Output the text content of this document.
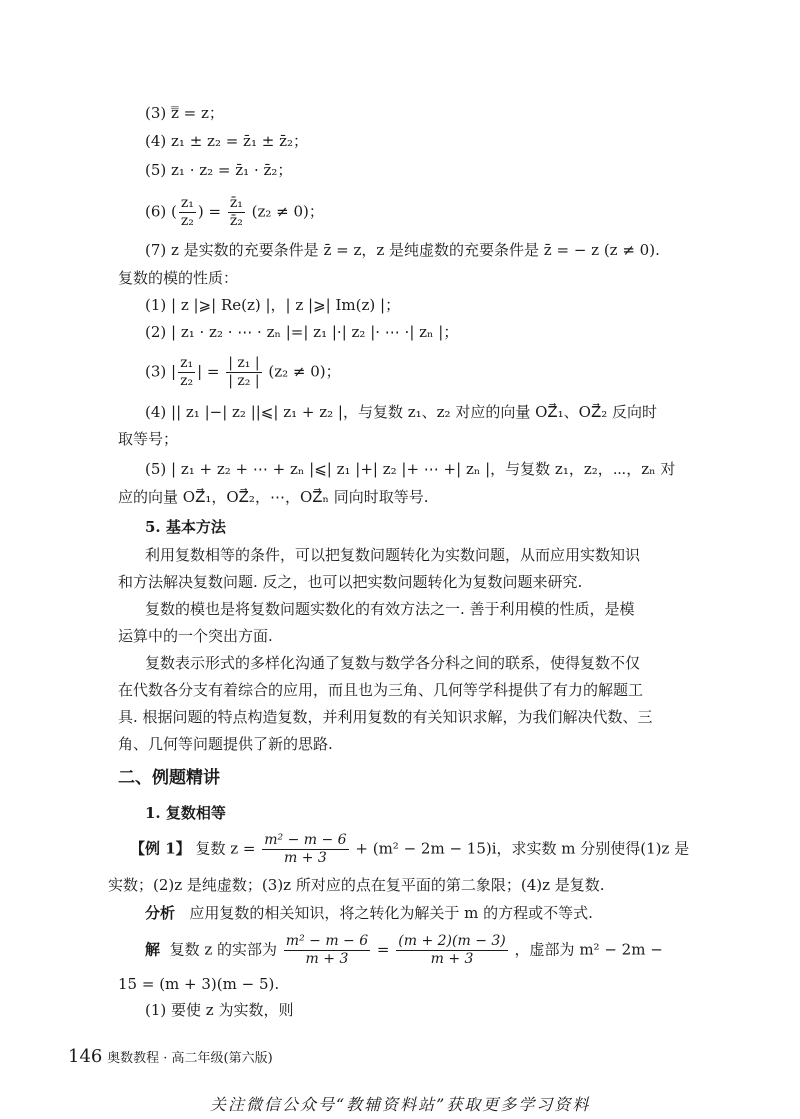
(3) z̿ = z；
(4) z₁ ± z₂ = z̄₁ ± z̄₂；
(5) z₁ · z₂ = z̄₁ · z̄₂；
(6) ( $\frac{\text{z₁}}{\text{z₂}}$ ) = $\frac{\text{z̄₁}}{\text{z̄₂}} (z_2 \ne 0)$；
(7) z 是实数的充要条件是 z̄ = z，z 是纯虚数的充要条件是 z̄ = − z (z ≠ 0).
复数的模的性质：
(1) | z |⩾| Re(z) |，| z |⩾| Im(z) |；
(2) | z₁ · z₂ · ⋯ · zₙ |=| z₁ |·| z₂ |· ⋯ ·| zₙ |；
(3) | $\frac{\text{z₁}}{\text{z₂}}$ | = $\frac{\text{| z₁ |}}{\text{| z₂ |}} (z_2 \ne 0)$；
(4) || z₁ |−| z₂ ||⩽| z₁ + z₂ |，与复数 z₁、z₂ 对应的向量 OZ⃗₁、OZ⃗₂ 反向时
取等号；
(5) | z₁ + z₂ + ⋯ + zₙ |⩽| z₁ |+| z₂ |+ ⋯ +| zₙ |，与复数 z₁，z₂，⋯，zₙ 对
应的向量 OZ⃗₁，OZ⃗₂，⋯，OZ⃗ₙ 同向时取等号.
5. 基本方法
利用复数相等的条件，可以把复数问题转化为实数问题，从而应用实数知识
和方法解决复数问题. 反之，也可以把实数问题转化为复数问题来研究.
复数的模也是将复数问题实数化的有效方法之一. 善于利用模的性质，是模
运算中的一个突出方面.
复数表示形式的多样化沟通了复数与数学各分科之间的联系，使得复数不仅
在代数各分支有着综合的应用，而且也为三角、几何等学科提供了有力的解题工
具. 根据问题的特点构造复数，并利用复数的有关知识求解，为我们解决代数、三
角、几何等问题提供了新的思路.
二、例题精讲
1. 复数相等
【例 1】 复数 $z = \frac{\text{m² − m − 6}}{m + 3} + (m^2 - 2m - 15)i$，求实数 m 分别使得(1)z 是
实数；(2)z 是纯虚数；(3)z 所对应的点在复平面的第二象限；(4)z 是复数.
分析 应用复数的相关知识，将之转化为解关于 m 的方程或不等式.
解 复数 z 的实部为 $\frac{\text{m² − m − 6}}{m + 3} = \frac{(m + 2)(m - 3)}{m + 3}$ ，虚部为 m² − 2m −
15 = (m + 3)(m − 5).
(1) 要使 z 为实数，则
146 奥数教程 · 高二年级(第六版)
关注微信公众号“教辅资料站”获取更多学习资料
